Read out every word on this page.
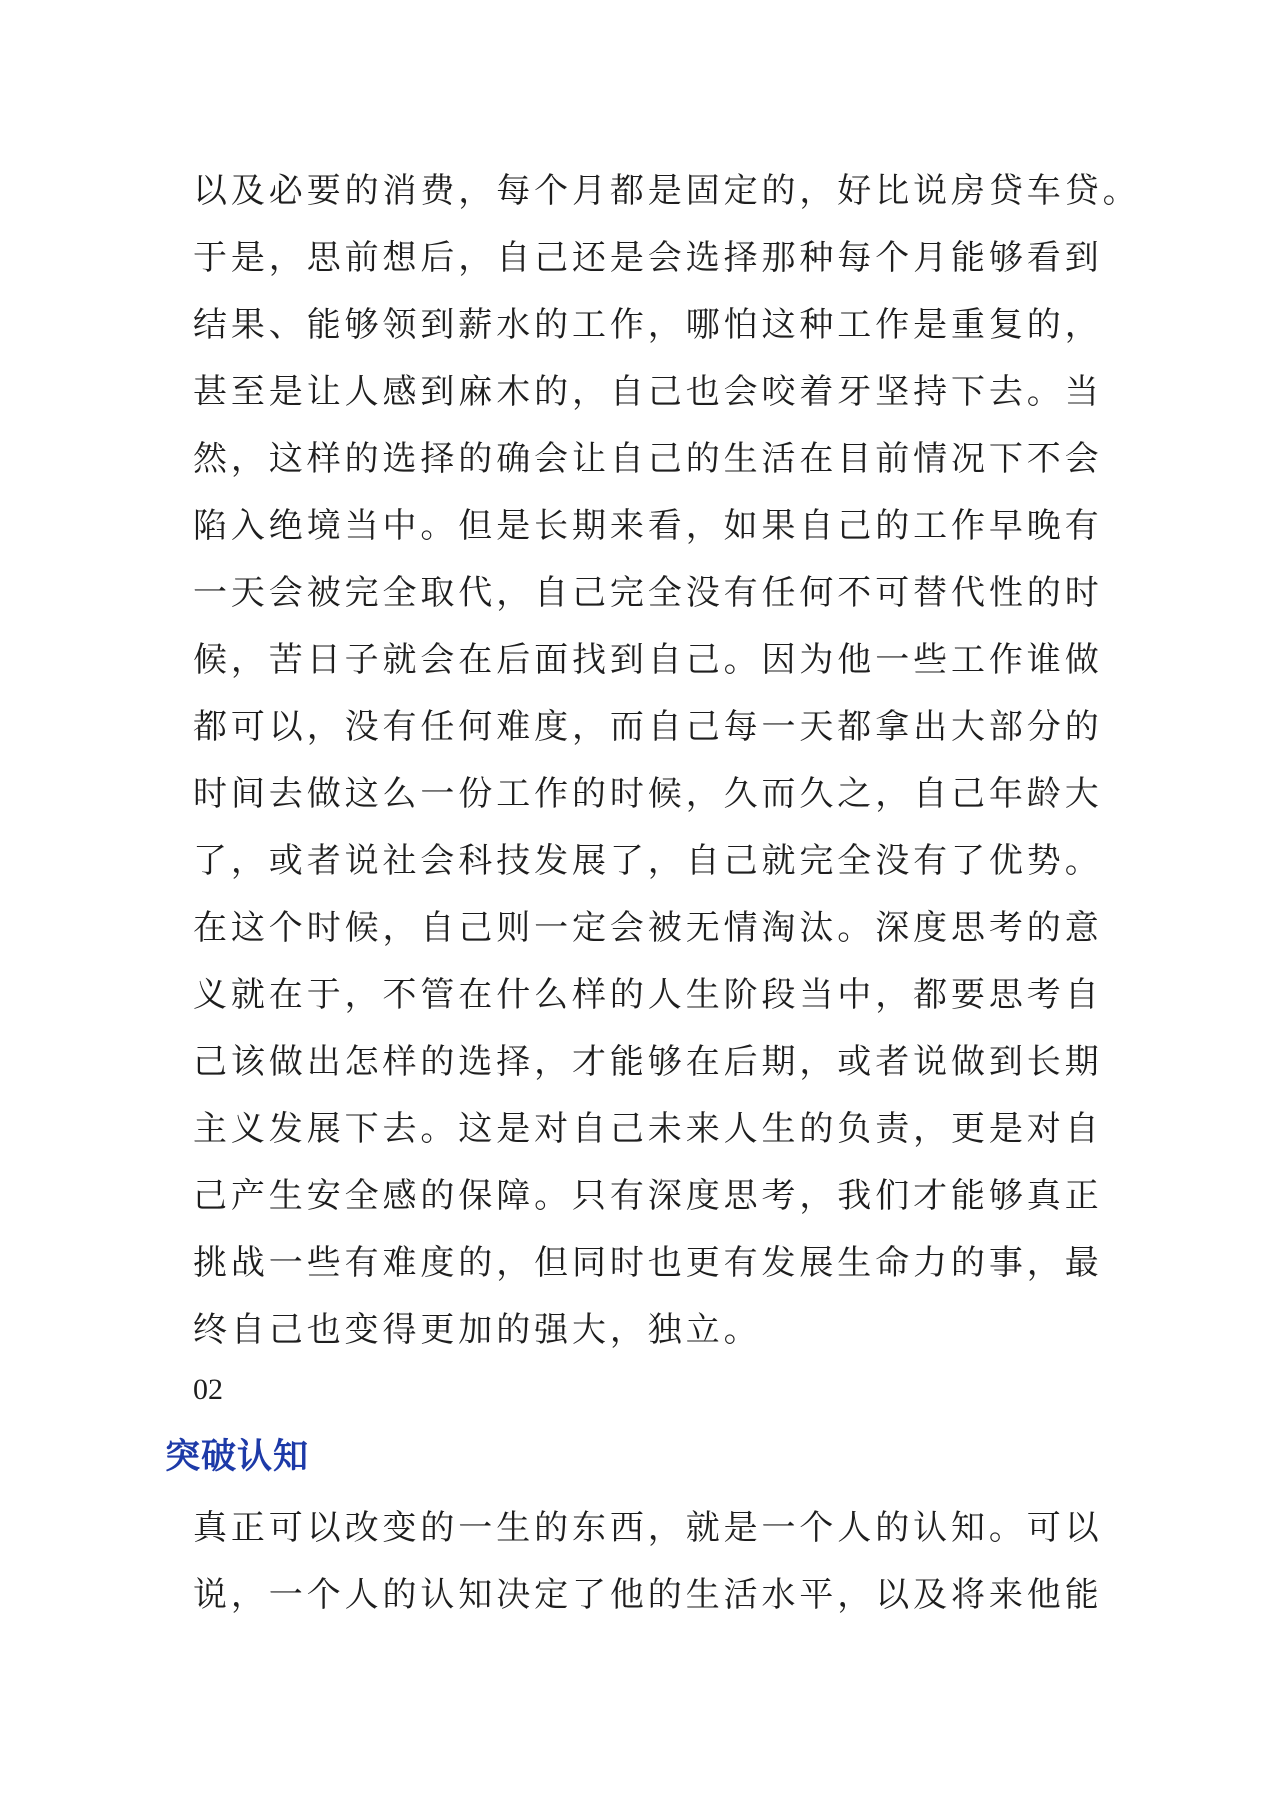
以及必要的消费，每个月都是固定的，好比说房贷车贷。
于是，思前想后，自己还是会选择那种每个月能够看到
结果、能够领到薪水的工作，哪怕这种工作是重复的，
甚至是让人感到麻木的，自己也会咬着牙坚持下去。当
然，这样的选择的确会让自己的生活在目前情况下不会
陷入绝境当中。但是长期来看，如果自己的工作早晚有
一天会被完全取代，自己完全没有任何不可替代性的时
候，苦日子就会在后面找到自己。因为他一些工作谁做
都可以，没有任何难度，而自己每一天都拿出大部分的
时间去做这么一份工作的时候，久而久之，自己年龄大
了，或者说社会科技发展了，自己就完全没有了优势。
在这个时候，自己则一定会被无情淘汰。深度思考的意
义就在于，不管在什么样的人生阶段当中，都要思考自
己该做出怎样的选择，才能够在后期，或者说做到长期
主义发展下去。这是对自己未来人生的负责，更是对自
己产生安全感的保障。只有深度思考，我们才能够真正
挑战一些有难度的，但同时也更有发展生命力的事，最
终自己也变得更加的强大，独立。
02
突破认知
真正可以改变的一生的东西，就是一个人的认知。可以
说，一个人的认知决定了他的生活水平，以及将来他能
